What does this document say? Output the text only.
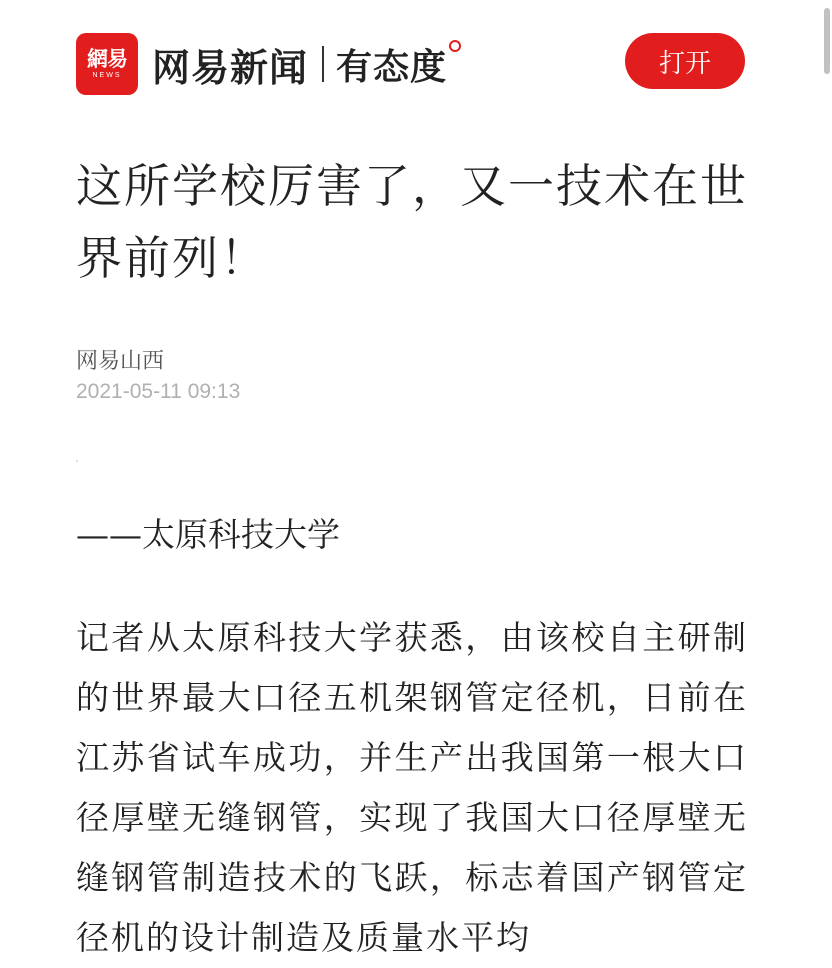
網易
NEWS 网易新闻 有态度	打开
这所学校厉害了，又一技术在世界前列！
网易山西
2021-05-11 09:13
——太原科技大学

记者从太原科技大学获悉，由该校自主研制的世界最大口径五机架钢管定径机，日前在江苏省试车成功，并生产出我国第一根大口径厚壁无缝钢管，实现了我国大口径厚壁无缝钢管制造技术的飞跃，标志着国产钢管定径机的设计制造及质量水平均
